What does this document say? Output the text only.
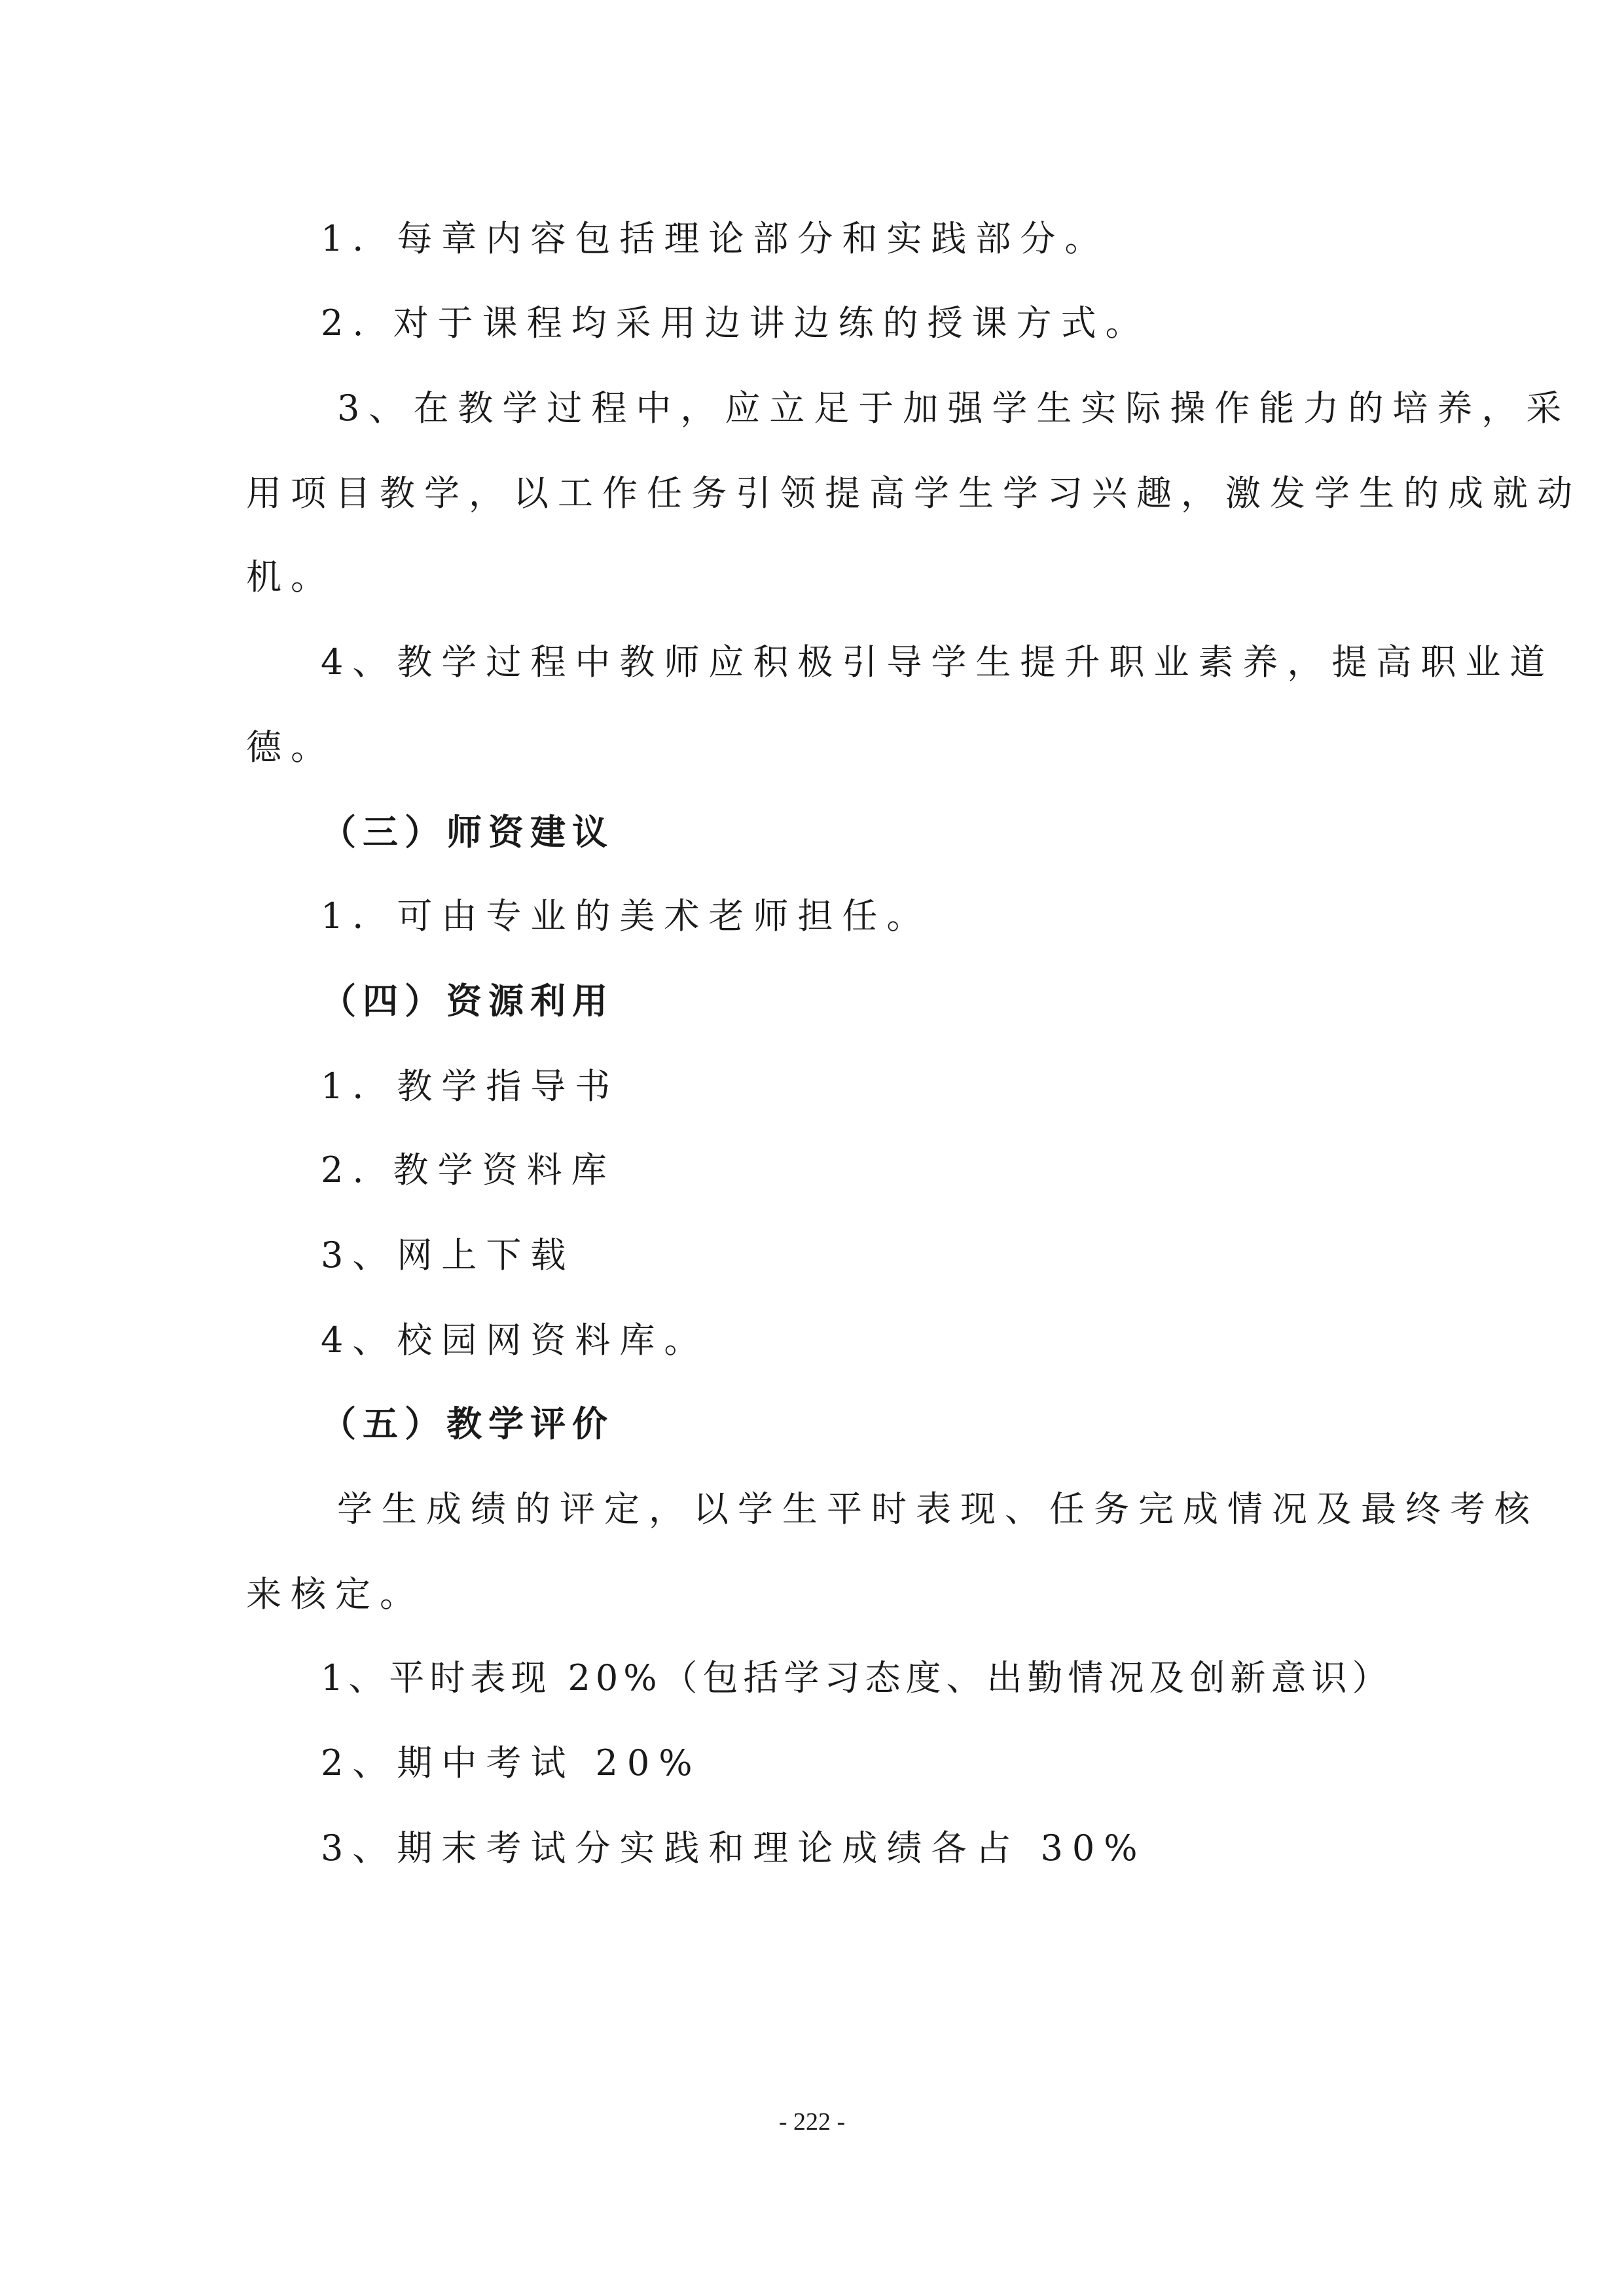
1．每章内容包括理论部分和实践部分。
2. 对于课程均采用边讲边练的授课方式。
3、在教学过程中，应立足于加强学生实际操作能力的培养，采
用项目教学，以工作任务引领提高学生学习兴趣，激发学生的成就动
机。
4、教学过程中教师应积极引导学生提升职业素养，提高职业道
德。
（三）师资建议
1．可由专业的美术老师担任。
（四）资源利用
1．教学指导书
2. 教学资料库
3、网上下载
4、校园网资料库。
（五）教学评价
学生成绩的评定，以学生平时表现、任务完成情况及最终考核
来核定。
1、平时表现 20%（包括学习态度、出勤情况及创新意识）
2、期中考试 20%
3、期末考试分实践和理论成绩各占 30%
- 222 -
